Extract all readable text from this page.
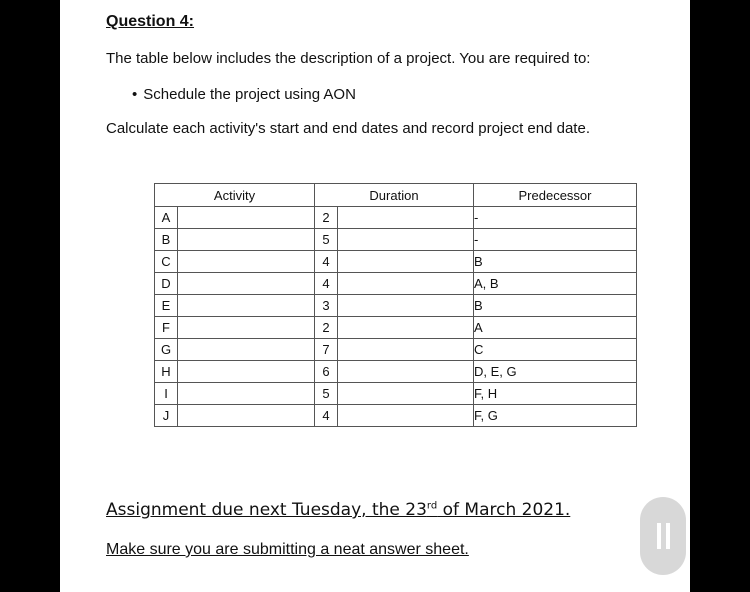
Question 4:
The table below includes the description of a project. You are required to:
• Schedule the project using AON
Calculate each activity's start and end dates and record project end date.
Activity	Duration	Predecessor

A	2	-

B	5	-

C	4	B

D	4	A, B

E	3	B

F	2	A

G	7	C

H	6	D, E, G

I	5	F, H

J	4	F, G
Assignment due next Tuesday, the 23rd of March 2021.
Make sure you are submitting a neat answer sheet.
